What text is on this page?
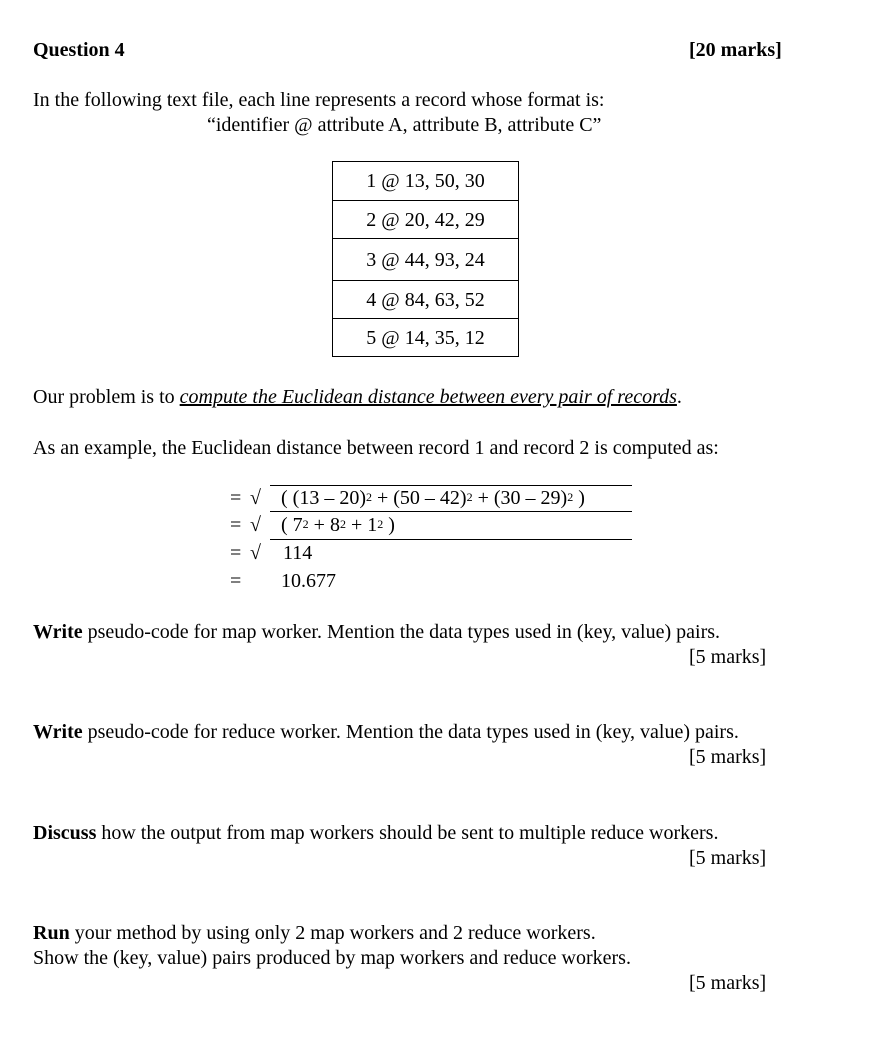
Question 4	[20 marks]
In the following text file, each line represents a record whose format is:
“identifier @ attribute A, attribute B, attribute C”
1 @ 13, 50, 30
2 @ 20, 42, 29
3 @ 44, 93, 24
4 @ 84, 63, 52
5 @ 14, 35, 12
Our problem is to compute the Euclidean distance between every pair of records.
As an example, the Euclidean distance between record 1 and record 2 is computed as:
= √ ( (13 – 20)$^2$ + (50 – 42)$^2$ + (30 – 29)$^2$ )
= √ ( $7^2 + 8^2 + 1^2$ )
= √ 114
= 10.677
Write pseudo-code for map worker. Mention the data types used in (key, value) pairs.
[5 marks]
Write pseudo-code for reduce worker. Mention the data types used in (key, value) pairs.
[5 marks]
Discuss how the output from map workers should be sent to multiple reduce workers.
[5 marks]
Run your method by using only 2 map workers and 2 reduce workers.
Show the (key, value) pairs produced by map workers and reduce workers.
[5 marks]
